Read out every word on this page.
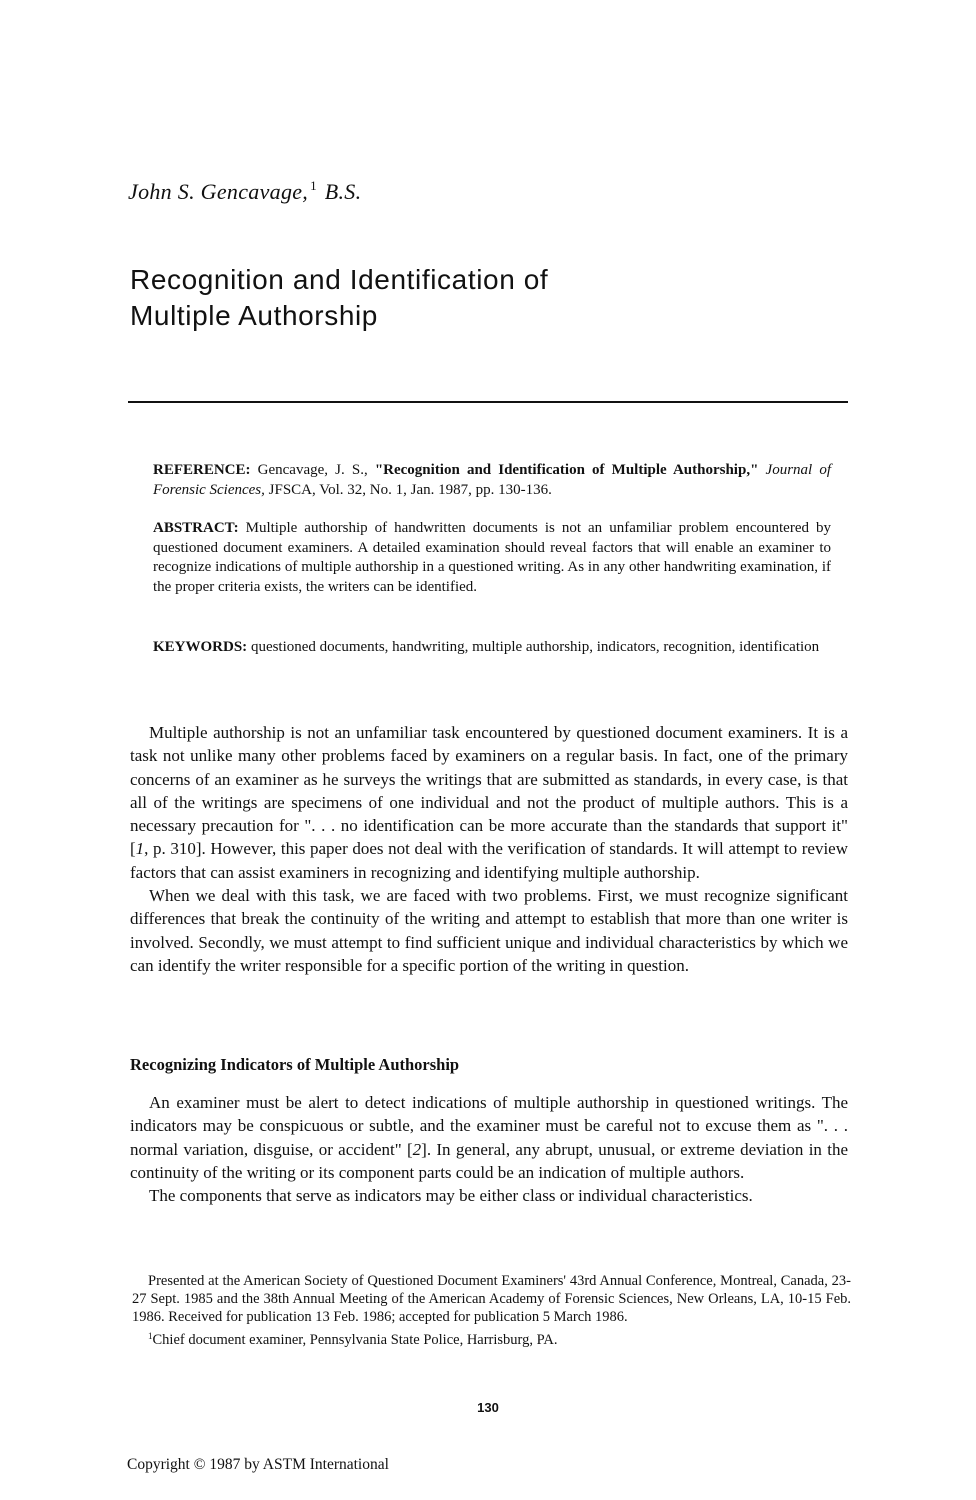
John S. Gencavage, $^1$ B.S.
Recognition and Identification of
Multiple Authorship
REFERENCE: Gencavage, J. S., "Recognition and Identification of Multiple Authorship," Journal of Forensic Sciences, JFSCA, Vol. 32, No. 1, Jan. 1987, pp. 130-136.
ABSTRACT: Multiple authorship of handwritten documents is not an unfamiliar problem encountered by questioned document examiners. A detailed examination should reveal factors that will enable an examiner to recognize indications of multiple authorship in a questioned writing. As in any other handwriting examination, if the proper criteria exists, the writers can be identified.
KEYWORDS: questioned documents, handwriting, multiple authorship, indicators, recognition, identification

Multiple authorship is not an unfamiliar task encountered by questioned document examiners. It is a task not unlike many other problems faced by examiners on a regular basis. In fact, one of the primary concerns of an examiner as he surveys the writings that are submitted as standards, in every case, is that all of the writings are specimens of one individual and not the product of multiple authors. This is a necessary precaution for ". . . no identification can be more accurate than the standards that support it" [1, p. 310]. However, this paper does not deal with the verification of standards. It will attempt to review factors that can assist examiners in recognizing and identifying multiple authorship.

When we deal with this task, we are faced with two problems. First, we must recognize significant differences that break the continuity of the writing and attempt to establish that more than one writer is involved. Secondly, we must attempt to find sufficient unique and individual characteristics by which we can identify the writer responsible for a specific portion of the writing in question.

Recognizing Indicators of Multiple Authorship

An examiner must be alert to detect indications of multiple authorship in questioned writings. The indicators may be conspicuous or subtle, and the examiner must be careful not to excuse them as ". . . normal variation, disguise, or accident" [2]. In general, any abrupt, unusual, or extreme deviation in the continuity of the writing or its component parts could be an indication of multiple authors.

The components that serve as indicators may be either class or individual characteristics.

Presented at the American Society of Questioned Document Examiners' 43rd Annual Conference, Montreal, Canada, 23-27 Sept. 1985 and the 38th Annual Meeting of the American Academy of Forensic Sciences, New Orleans, LA, 10-15 Feb. 1986. Received for publication 13 Feb. 1986; accepted for publication 5 March 1986.

$^1$Chief document examiner, Pennsylvania State Police, Harrisburg, PA.

130
Copyright © 1987 by ASTM International
